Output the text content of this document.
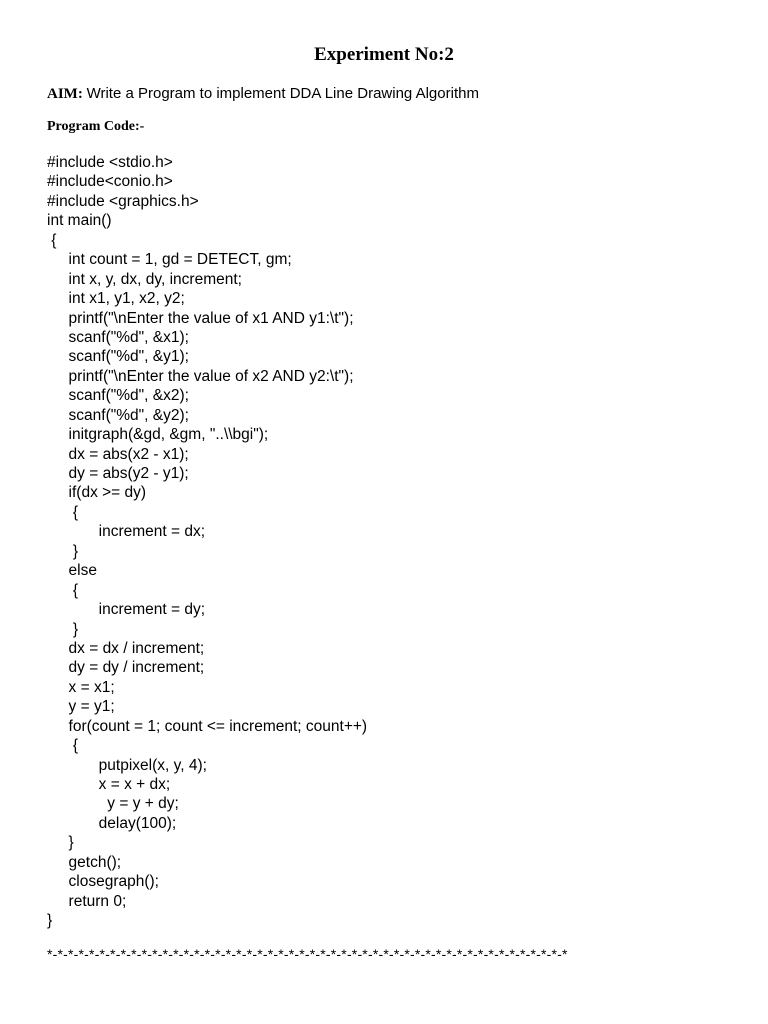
Experiment No:2
AIM: Write a Program to implement DDA Line Drawing Algorithm
Program Code:-
#include <stdio.h>
#include<conio.h>
#include <graphics.h>
int main()
{
int count = 1, gd = DETECT, gm;
int x, y, dx, dy, increment;
int x1, y1, x2, y2;
printf("\nEnter the value of x1 AND y1:\t");
scanf("%d", &x1);
scanf("%d", &y1);
printf("\nEnter the value of x2 AND y2:\t");
scanf("%d", &x2);
scanf("%d", &y2);
initgraph(&gd, &gm, "..\\bgi");
dx = abs(x2 - x1);
dy = abs(y2 - y1);
if(dx >= dy)
{
increment = dx;
}
else
{
increment = dy;
}
dx = dx / increment;
dy = dy / increment;
x = x1;
y = y1;
for(count = 1; count <= increment; count++)
{
putpixel(x, y, 4);
x = x + dx;
y = y + dy;
delay(100);
}
getch();
closegraph();
return 0;
}
*-*-*-*-*-*-*-*-*-*-*-*-*-*-*-*-*-*-*-*-*-*-*-*-*-*-*-*-*-*-*-*-*-*-*-*-*-*-*-*-*-*-*-*-*-*-*-*-*-*
